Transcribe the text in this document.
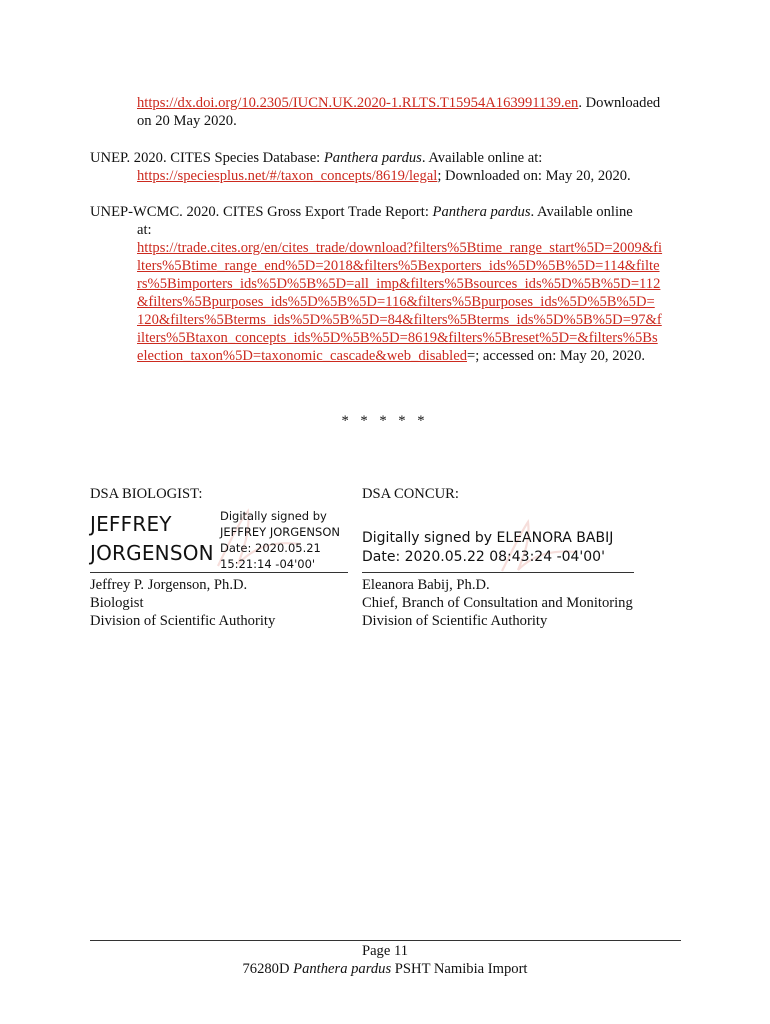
https://dx.doi.org/10.2305/IUCN.UK.2020-1.RLTS.T15954A163991139.en. Downloaded
on 20 May 2020.
UNEP. 2020. CITES Species Database: Panthera pardus. Available online at:
https://speciesplus.net/#/taxon_concepts/8619/legal; Downloaded on: May 20, 2020.
UNEP-WCMC. 2020. CITES Gross Export Trade Report: Panthera pardus. Available online
at:
https://trade.cites.org/en/cites_trade/download?filters%5Btime_range_start%5D=2009&fi
lters%5Btime_range_end%5D=2018&filters%5Bexporters_ids%5D%5B%5D=114&filte
rs%5Bimporters_ids%5D%5B%5D=all_imp&filters%5Bsources_ids%5D%5B%5D=112
&filters%5Bpurposes_ids%5D%5B%5D=116&filters%5Bpurposes_ids%5D%5B%5D=
120&filters%5Bterms_ids%5D%5B%5D=84&filters%5Bterms_ids%5D%5B%5D=97&f
ilters%5Btaxon_concepts_ids%5D%5B%5D=8619&filters%5Breset%5D=&filters%5Bs
election_taxon%5D=taxonomic_cascade&web_disabled=; accessed on: May 20, 2020.
* * * * *
DSA BIOLOGIST:
JEFFREY
JORGENSON
Digitally signed by
JEFFREY JORGENSON
Date: 2020.05.21
15:21:14 -04'00'
Jeffrey P. Jorgenson, Ph.D.
Biologist
Division of Scientific Authority
DSA CONCUR:
Digitally signed by ELEANORA BABIJ
Date: 2020.05.22 08:43:24 -04'00'
Eleanora Babij, Ph.D.
Chief, Branch of Consultation and Monitoring
Division of Scientific Authority
Page 11
76280D Panthera pardus PSHT Namibia Import
